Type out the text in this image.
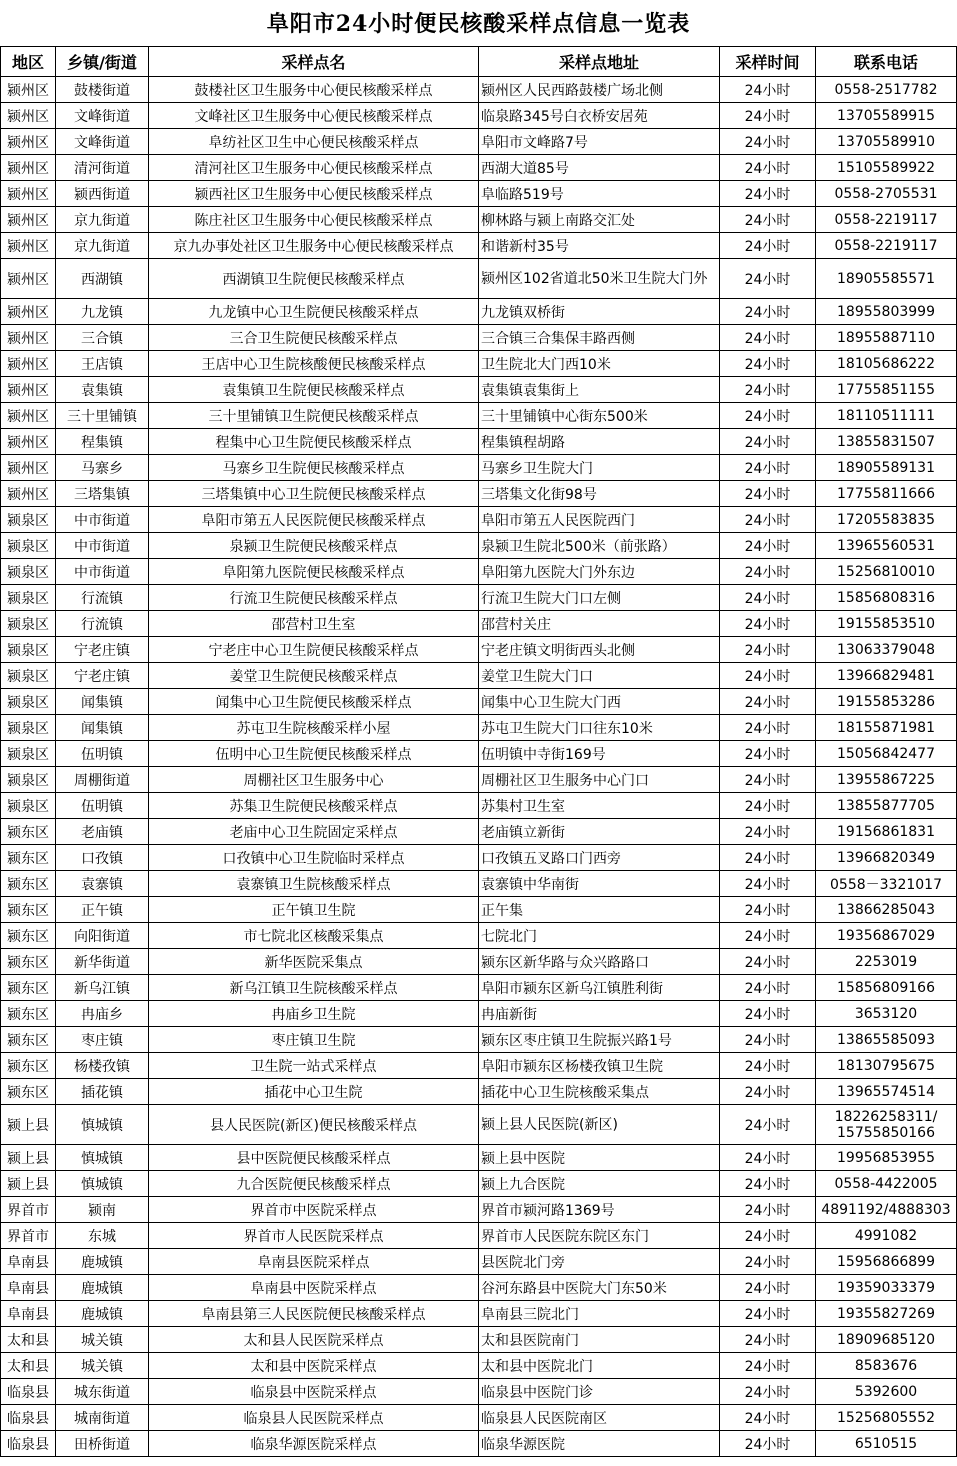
阜阳市24小时便民核酸采样点信息一览表
地区	乡镇/街道	采样点名	采样点地址	采样时间	联系电话
颍州区	鼓楼街道	鼓楼社区卫生服务中心便民核酸采样点	颍州区人民西路鼓楼广场北侧	24小时	0558-2517782
颍州区	文峰街道	文峰社区卫生服务中心便民核酸采样点	临泉路345号白衣桥安居苑	24小时	13705589915
颍州区	文峰街道	阜纺社区卫生中心便民核酸采样点	阜阳市文峰路7号	24小时	13705589910
颍州区	清河街道	清河社区卫生服务中心便民核酸采样点	西湖大道85号	24小时	15105589922
颍州区	颍西街道	颍西社区卫生服务中心便民核酸采样点	阜临路519号	24小时	0558-2705531
颍州区	京九街道	陈庄社区卫生服务中心便民核酸采样点	柳林路与颍上南路交汇处	24小时	0558-2219117
颍州区	京九街道	京九办事处社区卫生服务中心便民核酸采样点	和谐新村35号	24小时	0558-2219117
颍州区	西湖镇	西湖镇卫生院便民核酸采样点	颍州区102省道北50米卫生院大门外	24小时	18905585571
颍州区	九龙镇	九龙镇中心卫生院便民核酸采样点	九龙镇双桥街	24小时	18955803999
颍州区	三合镇	三合卫生院便民核酸采样点	三合镇三合集保丰路西侧	24小时	18955887110
颍州区	王店镇	王店中心卫生院核酸便民核酸采样点	卫生院北大门西10米	24小时	18105686222
颍州区	袁集镇	袁集镇卫生院便民核酸采样点	袁集镇袁集街上	24小时	17755851155
颍州区	三十里铺镇	三十里铺镇卫生院便民核酸采样点	三十里铺镇中心街东500米	24小时	18110511111
颍州区	程集镇	程集中心卫生院便民核酸采样点	程集镇程胡路	24小时	13855831507
颍州区	马寨乡	马寨乡卫生院便民核酸采样点	马寨乡卫生院大门	24小时	18905589131
颍州区	三塔集镇	三塔集镇中心卫生院便民核酸采样点	三塔集文化街98号	24小时	17755811666
颍泉区	中市街道	阜阳市第五人民医院便民核酸采样点	阜阳市第五人民医院西门	24小时	17205583835
颍泉区	中市街道	泉颍卫生院便民核酸采样点	泉颍卫生院北500米（前张路）	24小时	13965560531
颍泉区	中市街道	阜阳第九医院便民核酸采样点	阜阳第九医院大门外东边	24小时	15256810010
颍泉区	行流镇	行流卫生院便民核酸采样点	行流卫生院大门口左侧	24小时	15856808316
颍泉区	行流镇	邵营村卫生室	邵营村关庄	24小时	19155853510
颍泉区	宁老庄镇	宁老庄中心卫生院便民核酸采样点	宁老庄镇文明街西头北侧	24小时	13063379048
颍泉区	宁老庄镇	姜堂卫生院便民核酸采样点	姜堂卫生院大门口	24小时	13966829481
颍泉区	闻集镇	闻集中心卫生院便民核酸采样点	闻集中心卫生院大门西	24小时	19155853286
颍泉区	闻集镇	苏屯卫生院核酸采样小屋	苏屯卫生院大门口往东10米	24小时	18155871981
颍泉区	伍明镇	伍明中心卫生院便民核酸采样点	伍明镇中寺街169号	24小时	15056842477
颍泉区	周棚街道	周棚社区卫生服务中心	周棚社区卫生服务中心门口	24小时	13955867225
颍泉区	伍明镇	苏集卫生院便民核酸采样点	苏集村卫生室	24小时	13855877705
颍东区	老庙镇	老庙中心卫生院固定采样点	老庙镇立新街	24小时	19156861831
颍东区	口孜镇	口孜镇中心卫生院临时采样点	口孜镇五叉路口门西旁	24小时	13966820349
颍东区	袁寨镇	袁寨镇卫生院核酸采样点	袁寨镇中华南街	24小时	0558－3321017
颍东区	正午镇	正午镇卫生院	正午集	24小时	13866285043
颍东区	向阳街道	市七院北区核酸采集点	七院北门	24小时	19356867029
颍东区	新华街道	新华医院采集点	颍东区新华路与众兴路路口	24小时	2253019
颍东区	新乌江镇	新乌江镇卫生院核酸采样点	阜阳市颍东区新乌江镇胜利街	24小时	15856809166
颍东区	冉庙乡	冉庙乡卫生院	冉庙新街	24小时	3653120
颍东区	枣庄镇	枣庄镇卫生院	颍东区枣庄镇卫生院振兴路1号	24小时	13865585093
颍东区	杨楼孜镇	卫生院一站式采样点	阜阳市颍东区杨楼孜镇卫生院	24小时	18130795675
颍东区	插花镇	插花中心卫生院	插花中心卫生院核酸采集点	24小时	13965574514
颍上县	慎城镇	县人民医院(新区)便民核酸采样点	颍上县人民医院(新区)	24小时	18226258311/ 15755850166
颍上县	慎城镇	县中医院便民核酸采样点	颍上县中医院	24小时	19956853955
颍上县	慎城镇	九合医院便民核酸采样点	颍上九合医院	24小时	0558-4422005
界首市	颍南	界首市中医院采样点	界首市颍河路1369号	24小时	4891192/4888303
界首市	东城	界首市人民医院采样点	界首市人民医院东院区东门	24小时	4991082
阜南县	鹿城镇	阜南县医院采样点	县医院北门旁	24小时	15956866899
阜南县	鹿城镇	阜南县中医院采样点	谷河东路县中医院大门东50米	24小时	19359033379
阜南县	鹿城镇	阜南县第三人民医院便民核酸采样点	阜南县三院北门	24小时	19355827269
太和县	城关镇	太和县人民医院采样点	太和县医院南门	24小时	18909685120
太和县	城关镇	太和县中医院采样点	太和县中医院北门	24小时	8583676
临泉县	城东街道	临泉县中医院采样点	临泉县中医院门诊	24小时	5392600
临泉县	城南街道	临泉县人民医院采样点	临泉县人民医院南区	24小时	15256805552
临泉县	田桥街道	临泉华源医院采样点	临泉华源医院	24小时	6510515
